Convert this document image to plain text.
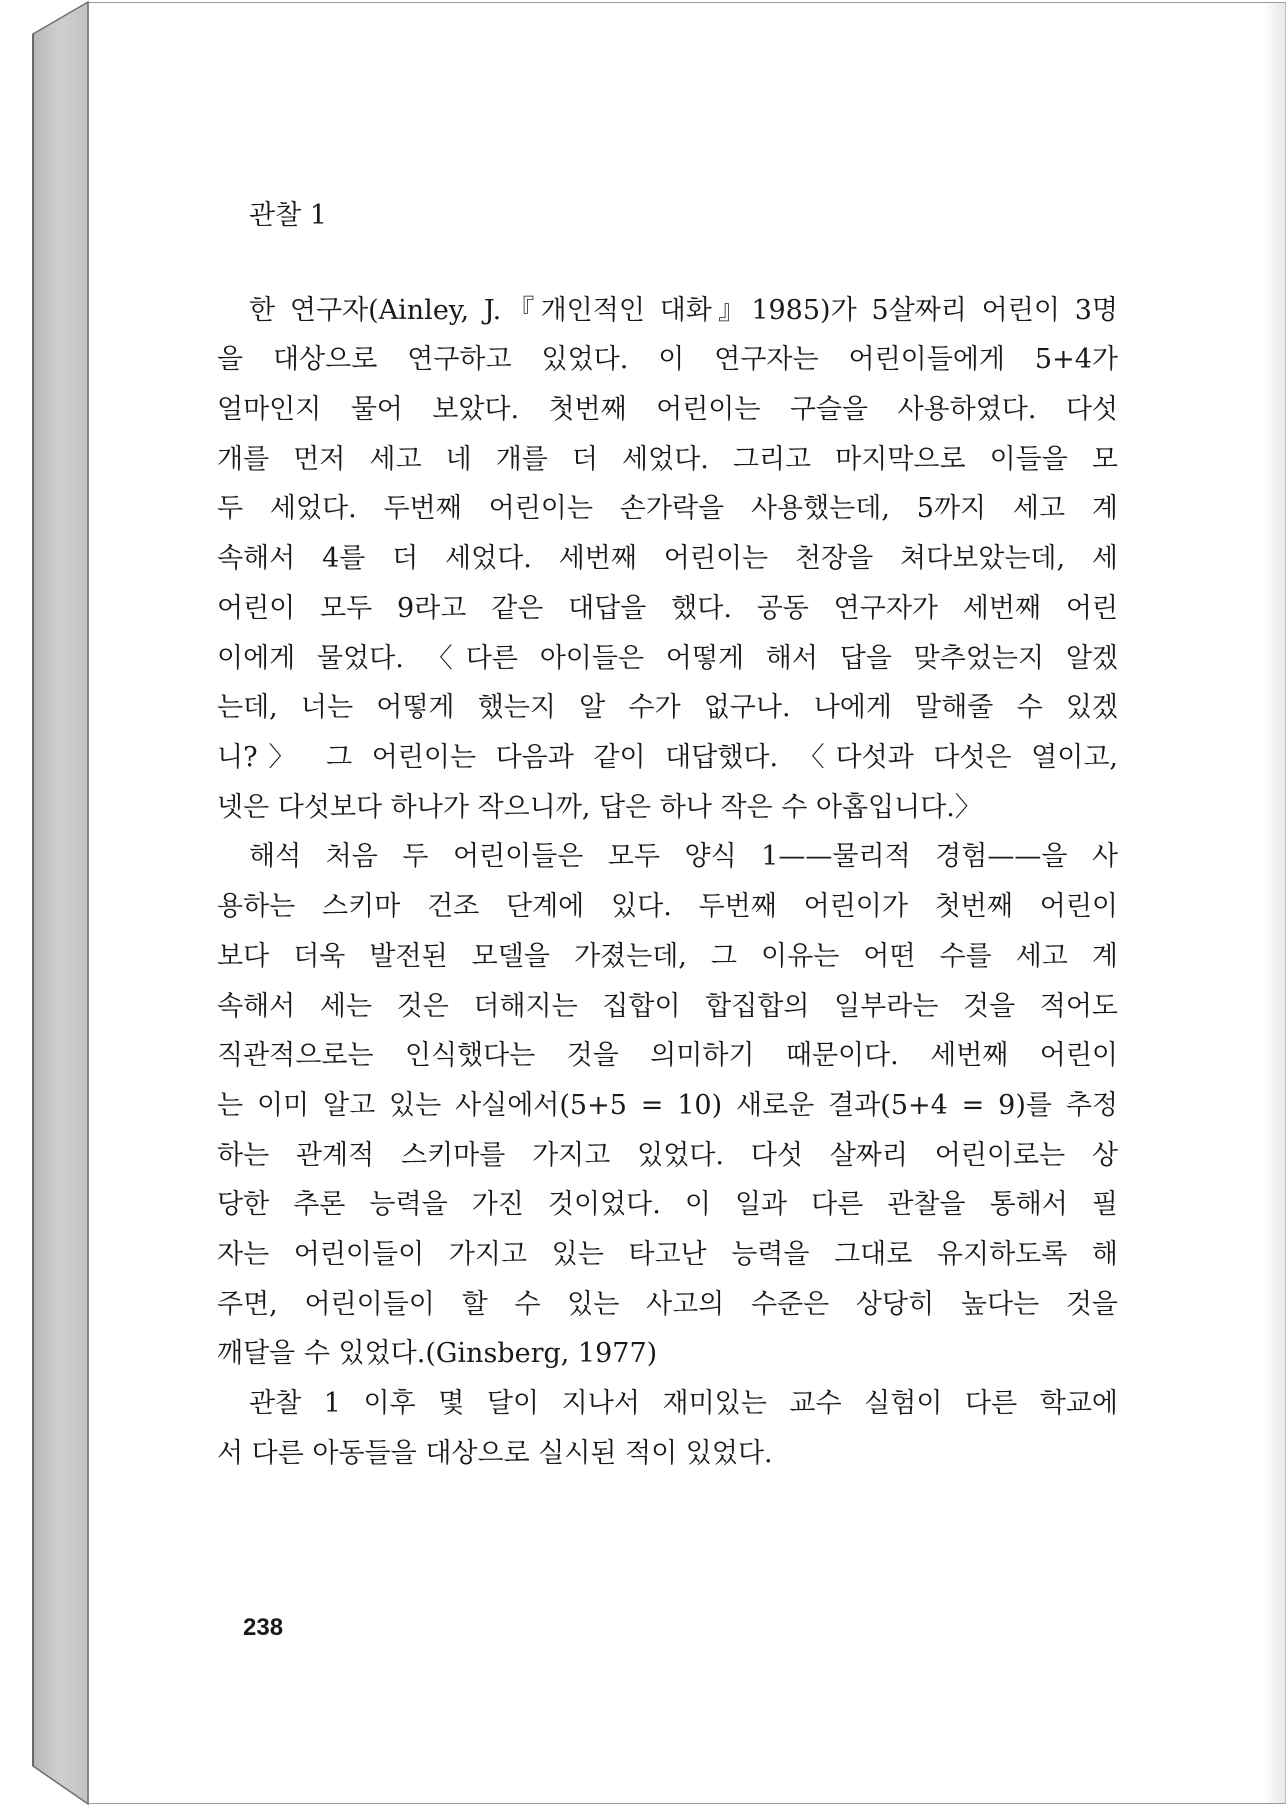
관찰 1
한 연구자(Ainley, J.『개인적인 대화』1985)가 5살짜리 어린이 3명
을 대상으로 연구하고 있었다. 이 연구자는 어린이들에게 5+4가
얼마인지 물어 보았다. 첫번째 어린이는 구슬을 사용하였다. 다섯
개를 먼저 세고 네 개를 더 세었다. 그리고 마지막으로 이들을 모
두 세었다. 두번째 어린이는 손가락을 사용했는데, 5까지 세고 계
속해서 4를 더 세었다. 세번째 어린이는 천장을 쳐다보았는데, 세
어린이 모두 9라고 같은 대답을 했다. 공동 연구자가 세번째 어린
이에게 물었다. 〈다른 아이들은 어떻게 해서 답을 맞추었는지 알겠
는데, 너는 어떻게 했는지 알 수가 없구나. 나에게 말해줄 수 있겠
니?〉 그 어린이는 다음과 같이 대답했다. 〈다섯과 다섯은 열이고,
넷은 다섯보다 하나가 작으니까, 답은 하나 작은 수 아홉입니다.〉
해석 처음 두 어린이들은 모두 양식 1——물리적 경험——을 사
용하는 스키마 건조 단계에 있다. 두번째 어린이가 첫번째 어린이
보다 더욱 발전된 모델을 가졌는데, 그 이유는 어떤 수를 세고 계
속해서 세는 것은 더해지는 집합이 합집합의 일부라는 것을 적어도
직관적으로는 인식했다는 것을 의미하기 때문이다. 세번째 어린이
는 이미 알고 있는 사실에서(5+5 = 10) 새로운 결과(5+4 = 9)를 추정
하는 관계적 스키마를 가지고 있었다. 다섯 살짜리 어린이로는 상
당한 추론 능력을 가진 것이었다. 이 일과 다른 관찰을 통해서 필
자는 어린이들이 가지고 있는 타고난 능력을 그대로 유지하도록 해
주면, 어린이들이 할 수 있는 사고의 수준은 상당히 높다는 것을
깨달을 수 있었다.(Ginsberg, 1977)
관찰 1 이후 몇 달이 지나서 재미있는 교수 실험이 다른 학교에
서 다른 아동들을 대상으로 실시된 적이 있었다.
238
